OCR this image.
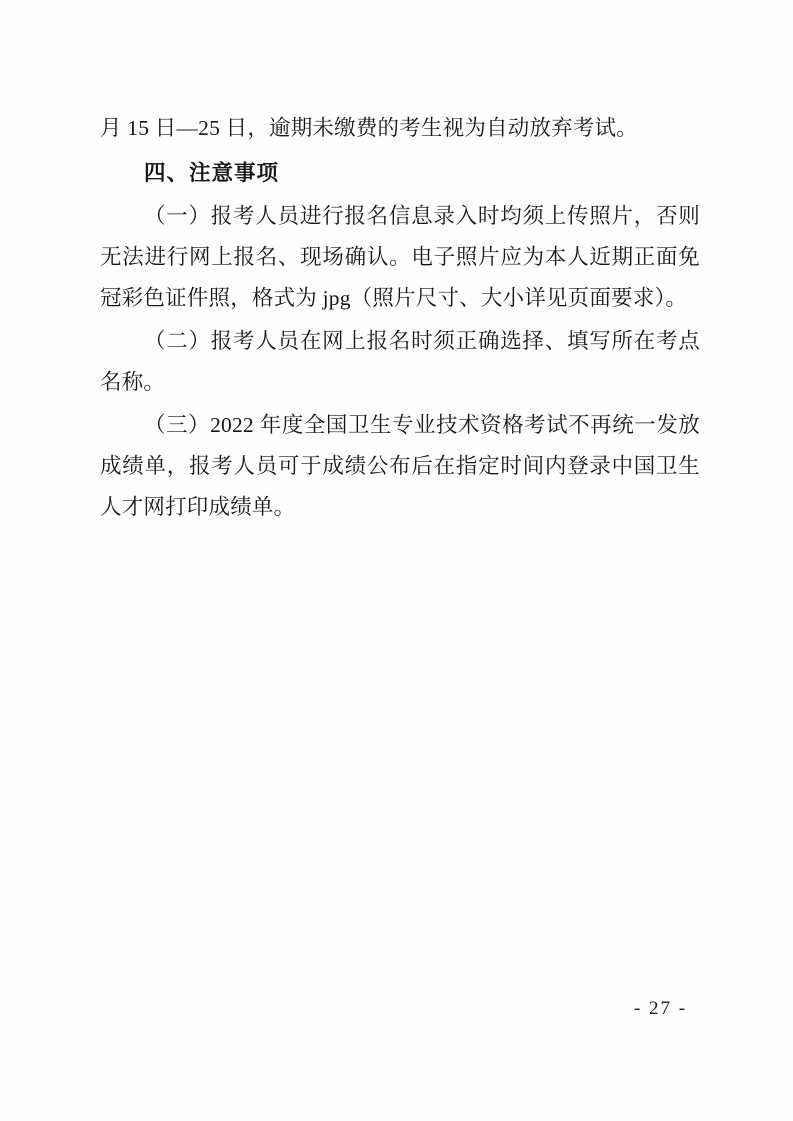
月 15 日—25 日，逾期未缴费的考生视为自动放弃考试。

四、注意事项

（一）报考人员进行报名信息录入时均须上传照片，否则无法进行网上报名、现场确认。电子照片应为本人近期正面免冠彩色证件照，格式为 jpg（照片尺寸、大小详见页面要求）。

（二）报考人员在网上报名时须正确选择、填写所在考点名称。

（三）2022 年度全国卫生专业技术资格考试不再统一发放成绩单，报考人员可于成绩公布后在指定时间内登录中国卫生人才网打印成绩单。

- 27 -
